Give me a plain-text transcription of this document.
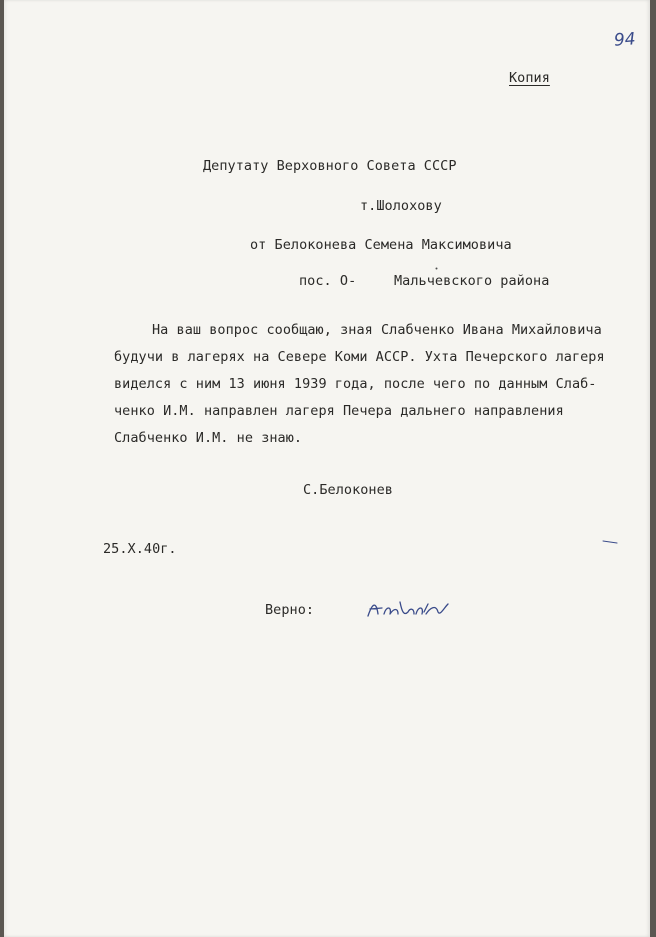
94
Копия
Депутату Верховного Совета СССР
т.Шолохову
от Белоконева Семена Максимовича
пос. О-	Мальчевского района
На ваш вопрос сообщаю, зная Слабченко Ивана Михайловича
будучи в лагерях на Севере Коми АССР. Ухта Печерского лагеря
виделся с ним 13 июня 1939 года, после чего по данным Слаб-
ченко И.М. направлен лагеря Печера дальнего направления
Слабченко И.М. не знаю.
С.Белоконев
25.Х.40г.
Верно:
